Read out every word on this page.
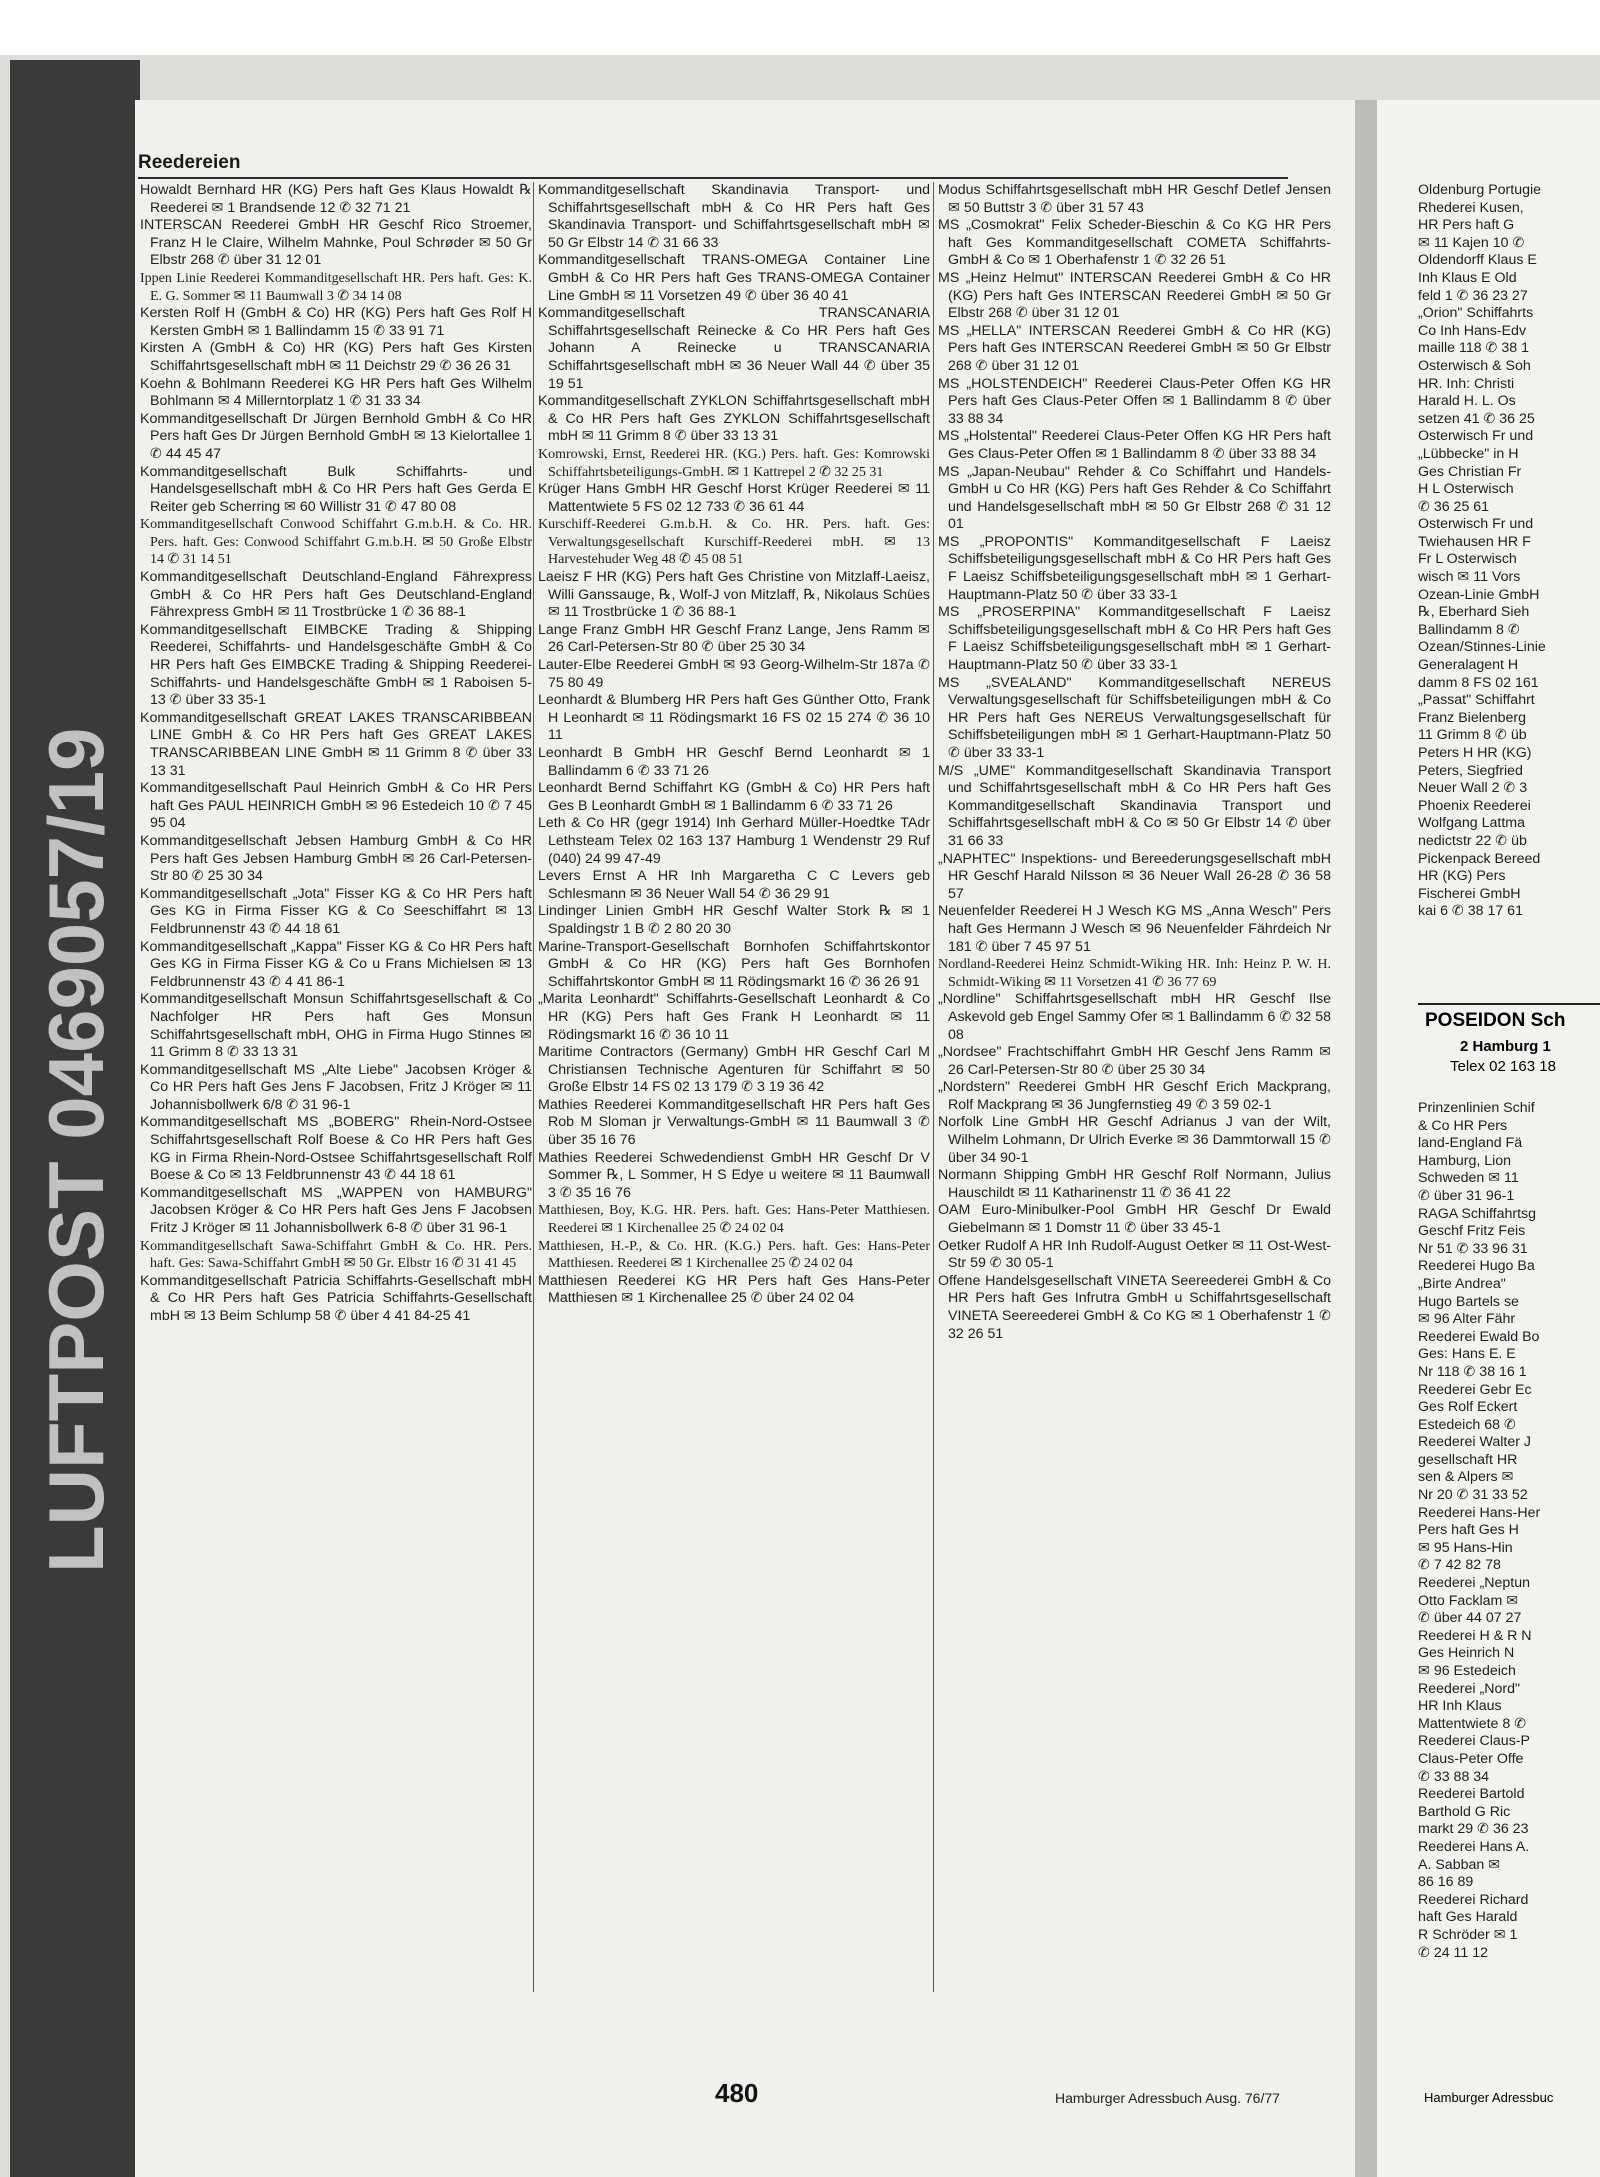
LUFTPOST 0469057/19
Reedereien

Howaldt Bernhard HR (KG) Pers haft Ges Klaus Howaldt ℞ Reederei ✉ 1 Brandsende 12 ✆ 32 71 21

INTERSCAN Reederei GmbH HR Geschf Rico Stroemer, Franz H le Claire, Wilhelm Mahnke, Poul Schrøder ✉ 50 Gr Elbstr 268 ✆ über 31 12 01

Ippen Linie Reederei Kommanditgesellschaft HR. Pers haft. Ges: K. E. G. Sommer ✉ 11 Baumwall 3 ✆ 34 14 08

Kersten Rolf H (GmbH & Co) HR (KG) Pers haft Ges Rolf H Kersten GmbH ✉ 1 Ballindamm 15 ✆ 33 91 71

Kirsten A (GmbH & Co) HR (KG) Pers haft Ges Kirsten Schiffahrtsgesellschaft mbH ✉ 11 Deichstr 29 ✆ 36 26 31

Koehn & Bohlmann Reederei KG HR Pers haft Ges Wilhelm Bohlmann ✉ 4 Millerntorplatz 1 ✆ 31 33 34

Kommanditgesellschaft Dr Jürgen Bernhold GmbH & Co HR Pers haft Ges Dr Jürgen Bernhold GmbH ✉ 13 Kielortallee 1 ✆ 44 45 47

Kommanditgesellschaft Bulk Schiffahrts- und Handelsgesellschaft mbH & Co HR Pers haft Ges Gerda E Reiter geb Scherring ✉ 60 Willistr 31 ✆ 47 80 08

Kommanditgesellschaft Conwood Schiffahrt G.m.b.H. & Co. HR. Pers. haft. Ges: Conwood Schiffahrt G.m.b.H. ✉ 50 Große Elbstr 14 ✆ 31 14 51

Kommanditgesellschaft Deutschland-England Fährexpress GmbH & Co HR Pers haft Ges Deutschland-England Fährexpress GmbH ✉ 11 Trostbrücke 1 ✆ 36 88-1

Kommanditgesellschaft EIMBCKE Trading & Shipping Reederei, Schiffahrts- und Handelsgeschäfte GmbH & Co HR Pers haft Ges EIMBCKE Trading & Shipping Reederei-Schiffahrts- und Handelsgeschäfte GmbH ✉ 1 Raboisen 5-13 ✆ über 33 35-1

Kommanditgesellschaft GREAT LAKES TRANSCARIBBEAN LINE GmbH & Co HR Pers haft Ges GREAT LAKES TRANSCARIBBEAN LINE GmbH ✉ 11 Grimm 8 ✆ über 33 13 31

Kommanditgesellschaft Paul Heinrich GmbH & Co HR Pers haft Ges PAUL HEINRICH GmbH ✉ 96 Estedeich 10 ✆ 7 45 95 04

Kommanditgesellschaft Jebsen Hamburg GmbH & Co HR Pers haft Ges Jebsen Hamburg GmbH ✉ 26 Carl-Petersen-Str 80 ✆ 25 30 34

Kommanditgesellschaft „Jota" Fisser KG & Co HR Pers haft Ges KG in Firma Fisser KG & Co Seeschiffahrt ✉ 13 Feldbrunnenstr 43 ✆ 44 18 61

Kommanditgesellschaft „Kappa" Fisser KG & Co HR Pers haft Ges KG in Firma Fisser KG & Co u Frans Michielsen ✉ 13 Feldbrunnenstr 43 ✆ 4 41 86-1

Kommanditgesellschaft Monsun Schiffahrtsgesellschaft & Co Nachfolger HR Pers haft Ges Monsun Schiffahrtsgesellschaft mbH, OHG in Firma Hugo Stinnes ✉ 11 Grimm 8 ✆ 33 13 31

Kommanditgesellschaft MS „Alte Liebe" Jacobsen Kröger & Co HR Pers haft Ges Jens F Jacobsen, Fritz J Kröger ✉ 11 Johannisbollwerk 6/8 ✆ 31 96-1

Kommanditgesellschaft MS „BOBERG" Rhein-Nord-Ostsee Schiffahrtsgesellschaft Rolf Boese & Co HR Pers haft Ges KG in Firma Rhein-Nord-Ostsee Schiffahrtsgesellschaft Rolf Boese & Co ✉ 13 Feldbrunnenstr 43 ✆ 44 18 61

Kommanditgesellschaft MS „WAPPEN von HAMBURG" Jacobsen Kröger & Co HR Pers haft Ges Jens F Jacobsen Fritz J Kröger ✉ 11 Johannisbollwerk 6-8 ✆ über 31 96-1

Kommanditgesellschaft Sawa-Schiffahrt GmbH & Co. HR. Pers. haft. Ges: Sawa-Schiffahrt GmbH ✉ 50 Gr. Elbstr 16 ✆ 31 41 45

Kommanditgesellschaft Patricia Schiffahrts-Gesellschaft mbH & Co HR Pers haft Ges Patricia Schiffahrts-Gesellschaft mbH ✉ 13 Beim Schlump 58 ✆ über 4 41 84-25 41

Kommanditgesellschaft Skandinavia Transport- und Schiffahrtsgesellschaft mbH & Co HR Pers haft Ges Skandinavia Transport- und Schiffahrtsgesellschaft mbH ✉ 50 Gr Elbstr 14 ✆ 31 66 33

Kommanditgesellschaft TRANS-OMEGA Container Line GmbH & Co HR Pers haft Ges TRANS-OMEGA Container Line GmbH ✉ 11 Vorsetzen 49 ✆ über 36 40 41

Kommanditgesellschaft TRANSCANARIA Schiffahrtsgesellschaft Reinecke & Co HR Pers haft Ges Johann A Reinecke u TRANSCANARIA Schiffahrtsgesellschaft mbH ✉ 36 Neuer Wall 44 ✆ über 35 19 51

Kommanditgesellschaft ZYKLON Schiffahrtsgesellschaft mbH & Co HR Pers haft Ges ZYKLON Schiffahrtsgesellschaft mbH ✉ 11 Grimm 8 ✆ über 33 13 31

Komrowski, Ernst, Reederei HR. (KG.) Pers. haft. Ges: Komrowski Schiffahrtsbeteiligungs-GmbH. ✉ 1 Kattrepel 2 ✆ 32 25 31

Krüger Hans GmbH HR Geschf Horst Krüger Reederei ✉ 11 Mattentwiete 5 FS 02 12 733 ✆ 36 61 44

Kurschiff-Reederei G.m.b.H. & Co. HR. Pers. haft. Ges: Verwaltungsgesellschaft Kurschiff-Reederei mbH. ✉ 13 Harvestehuder Weg 48 ✆ 45 08 51

Laeisz F HR (KG) Pers haft Ges Christine von Mitzlaff-Laeisz, Willi Ganssauge, ℞, Wolf-J von Mitzlaff, ℞, Nikolaus Schües ✉ 11 Trostbrücke 1 ✆ 36 88-1

Lange Franz GmbH HR Geschf Franz Lange, Jens Ramm ✉ 26 Carl-Petersen-Str 80 ✆ über 25 30 34

Lauter-Elbe Reederei GmbH ✉ 93 Georg-Wilhelm-Str 187a ✆ 75 80 49

Leonhardt & Blumberg HR Pers haft Ges Günther Otto, Frank H Leonhardt ✉ 11 Rödingsmarkt 16 FS 02 15 274 ✆ 36 10 11

Leonhardt B GmbH HR Geschf Bernd Leonhardt ✉ 1 Ballindamm 6 ✆ 33 71 26

Leonhardt Bernd Schiffahrt KG (GmbH & Co) HR Pers haft Ges B Leonhardt GmbH ✉ 1 Ballindamm 6 ✆ 33 71 26

Leth & Co HR (gegr 1914) Inh Gerhard Müller-Hoedtke TAdr Lethsteam Telex 02 163 137 Hamburg 1 Wendenstr 29 Ruf (040) 24 99 47-49

Levers Ernst A HR Inh Margaretha C C Levers geb Schlesmann ✉ 36 Neuer Wall 54 ✆ 36 29 91

Lindinger Linien GmbH HR Geschf Walter Stork ℞ ✉ 1 Spaldingstr 1 B ✆ 2 80 20 30

Marine-Transport-Gesellschaft Bornhofen Schiffahrtskontor GmbH & Co HR (KG) Pers haft Ges Bornhofen Schiffahrtskontor GmbH ✉ 11 Rödingsmarkt 16 ✆ 36 26 91

„Marita Leonhardt" Schiffahrts-Gesellschaft Leonhardt & Co HR (KG) Pers haft Ges Frank H Leonhardt ✉ 11 Rödingsmarkt 16 ✆ 36 10 11

Maritime Contractors (Germany) GmbH HR Geschf Carl M Christiansen Technische Agenturen für Schiffahrt ✉ 50 Große Elbstr 14 FS 02 13 179 ✆ 3 19 36 42

Mathies Reederei Kommanditgesellschaft HR Pers haft Ges Rob M Sloman jr Verwaltungs-GmbH ✉ 11 Baumwall 3 ✆ über 35 16 76

Mathies Reederei Schwedendienst GmbH HR Geschf Dr V Sommer ℞, L Sommer, H S Edye u weitere ✉ 11 Baumwall 3 ✆ 35 16 76

Matthiesen, Boy, K.G. HR. Pers. haft. Ges: Hans-Peter Matthiesen. Reederei ✉ 1 Kirchenallee 25 ✆ 24 02 04

Matthiesen, H.-P., & Co. HR. (K.G.) Pers. haft. Ges: Hans-Peter Matthiesen. Reederei ✉ 1 Kirchenallee 25 ✆ 24 02 04

Matthiesen Reederei KG HR Pers haft Ges Hans-Peter Matthiesen ✉ 1 Kirchenallee 25 ✆ über 24 02 04

Modus Schiffahrtsgesellschaft mbH HR Geschf Detlef Jensen ✉ 50 Buttstr 3 ✆ über 31 57 43

MS „Cosmokrat" Felix Scheder-Bieschin & Co KG HR Pers haft Ges Kommanditgesellschaft COMETA Schiffahrts-GmbH & Co ✉ 1 Oberhafenstr 1 ✆ 32 26 51

MS „Heinz Helmut" INTERSCAN Reederei GmbH & Co HR (KG) Pers haft Ges INTERSCAN Reederei GmbH ✉ 50 Gr Elbstr 268 ✆ über 31 12 01

MS „HELLA" INTERSCAN Reederei GmbH & Co HR (KG) Pers haft Ges INTERSCAN Reederei GmbH ✉ 50 Gr Elbstr 268 ✆ über 31 12 01

MS „HOLSTENDEICH" Reederei Claus-Peter Offen KG HR Pers haft Ges Claus-Peter Offen ✉ 1 Ballindamm 8 ✆ über 33 88 34

MS „Holstental" Reederei Claus-Peter Offen KG HR Pers haft Ges Claus-Peter Offen ✉ 1 Ballindamm 8 ✆ über 33 88 34

MS „Japan-Neubau" Rehder & Co Schiffahrt und Handels-GmbH u Co HR (KG) Pers haft Ges Rehder & Co Schiffahrt und Handelsgesellschaft mbH ✉ 50 Gr Elbstr 268 ✆ 31 12 01

MS „PROPONTIS" Kommanditgesellschaft F Laeisz Schiffsbeteiligungsgesellschaft mbH & Co HR Pers haft Ges F Laeisz Schiffsbeteiligungsgesellschaft mbH ✉ 1 Gerhart-Hauptmann-Platz 50 ✆ über 33 33-1

MS „PROSERPINA" Kommanditgesellschaft F Laeisz Schiffsbeteiligungsgesellschaft mbH & Co HR Pers haft Ges F Laeisz Schiffsbeteiligungsgesellschaft mbH ✉ 1 Gerhart-Hauptmann-Platz 50 ✆ über 33 33-1

MS „SVEALAND" Kommanditgesellschaft NEREUS Verwaltungsgesellschaft für Schiffsbeteiligungen mbH & Co HR Pers haft Ges NEREUS Verwaltungsgesellschaft für Schiffsbeteiligungen mbH ✉ 1 Gerhart-Hauptmann-Platz 50 ✆ über 33 33-1

M/S „UME" Kommanditgesellschaft Skandinavia Transport und Schiffahrtsgesellschaft mbH & Co HR Pers haft Ges Kommanditgesellschaft Skandinavia Transport und Schiffahrtsgesellschaft mbH & Co ✉ 50 Gr Elbstr 14 ✆ über 31 66 33

„NAPHTEC" Inspektions- und Bereederungsgesellschaft mbH HR Geschf Harald Nilsson ✉ 36 Neuer Wall 26-28 ✆ 36 58 57

Neuenfelder Reederei H J Wesch KG MS „Anna Wesch" Pers haft Ges Hermann J Wesch ✉ 96 Neuenfelder Fährdeich Nr 181 ✆ über 7 45 97 51

Nordland-Reederei Heinz Schmidt-Wiking HR. Inh: Heinz P. W. H. Schmidt-Wiking ✉ 11 Vorsetzen 41 ✆ 36 77 69

„Nordline" Schiffahrtsgesellschaft mbH HR Geschf Ilse Askevold geb Engel Sammy Ofer ✉ 1 Ballindamm 6 ✆ 32 58 08

„Nordsee" Frachtschiffahrt GmbH HR Geschf Jens Ramm ✉ 26 Carl-Petersen-Str 80 ✆ über 25 30 34

„Nordstern" Reederei GmbH HR Geschf Erich Mackprang, Rolf Mackprang ✉ 36 Jungfernstieg 49 ✆ 3 59 02-1

Norfolk Line GmbH HR Geschf Adrianus J van der Wilt, Wilhelm Lohmann, Dr Ulrich Everke ✉ 36 Dammtorwall 15 ✆ über 34 90-1

Normann Shipping GmbH HR Geschf Rolf Normann, Julius Hauschildt ✉ 11 Katharinenstr 11 ✆ 36 41 22

OAM Euro-Minibulker-Pool GmbH HR Geschf Dr Ewald Giebelmann ✉ 1 Domstr 11 ✆ über 33 45-1

Oetker Rudolf A HR Inh Rudolf-August Oetker ✉ 11 Ost-West-Str 59 ✆ 30 05-1

Offene Handelsgesellschaft VINETA Seereederei GmbH & Co HR Pers haft Ges Infrutra GmbH u Schiffahrtsgesellschaft VINETA Seereederei GmbH & Co KG ✉ 1 Oberhafenstr 1 ✆ 32 26 51

480	Hamburger Adressbuch Ausg. 76/77

Oldenburg Portugie

Rhederei Kusen,

HR Pers haft G

✉ 11 Kajen 10 ✆

Oldendorff Klaus E

Inh Klaus E Old

feld 1 ✆ 36 23 27

„Orion" Schiffahrts

Co Inh Hans-Edv

maille 118 ✆ 38 1

Osterwisch & Soh

HR. Inh: Christi

Harald H. L. Os

setzen 41 ✆ 36 25

Osterwisch Fr und

„Lübbecke" in H

Ges Christian Fr

H L Osterwisch

✆ 36 25 61

Osterwisch Fr und

Twiehausen HR F

Fr L Osterwisch

wisch ✉ 11 Vors

Ozean-Linie GmbH

℞, Eberhard Sieh

Ballindamm 8 ✆

Ozean/Stinnes-Linie

Generalagent H

damm 8 FS 02 161

„Passat" Schiffahrt

Franz Bielenberg

11 Grimm 8 ✆ üb

Peters H HR (KG)

Peters, Siegfried

Neuer Wall 2 ✆ 3

Phoenix Reederei

Wolfgang Lattma

nedictstr 22 ✆ üb

Pickenpack Bereed

HR (KG) Pers

Fischerei GmbH

kai 6 ✆ 38 17 61

POSEIDON Sch
2 Hamburg 1
Telex 02 163 18

Prinzenlinien Schif

& Co HR Pers

land-England Fä

Hamburg, Lion

Schweden ✉ 11

✆ über 31 96-1

RAGA Schiffahrtsg

Geschf Fritz Feis

Nr 51 ✆ 33 96 31

Reederei Hugo Ba

„Birte Andrea"

Hugo Bartels se

✉ 96 Alter Fähr

Reederei Ewald Bo

Ges: Hans E. E

Nr 118 ✆ 38 16 1

Reederei Gebr Ec

Ges Rolf Eckert

Estedeich 68 ✆

Reederei Walter J

gesellschaft HR

sen & Alpers ✉

Nr 20 ✆ 31 33 52

Reederei Hans-Her

Pers haft Ges H

✉ 95 Hans-Hin

✆ 7 42 82 78

Reederei „Neptun

Otto Facklam ✉

✆ über 44 07 27

Reederei H & R N

Ges Heinrich N

✉ 96 Estedeich

Reederei „Nord"

HR Inh Klaus

Mattentwiete 8 ✆

Reederei Claus-P

Claus-Peter Offe

✆ 33 88 34

Reederei Bartold

Barthold G Ric

markt 29 ✆ 36 23

Reederei Hans A.

A. Sabban ✉

86 16 89

Reederei Richard

haft Ges Harald

R Schröder ✉ 1

✆ 24 11 12

Hamburger Adressbuc
